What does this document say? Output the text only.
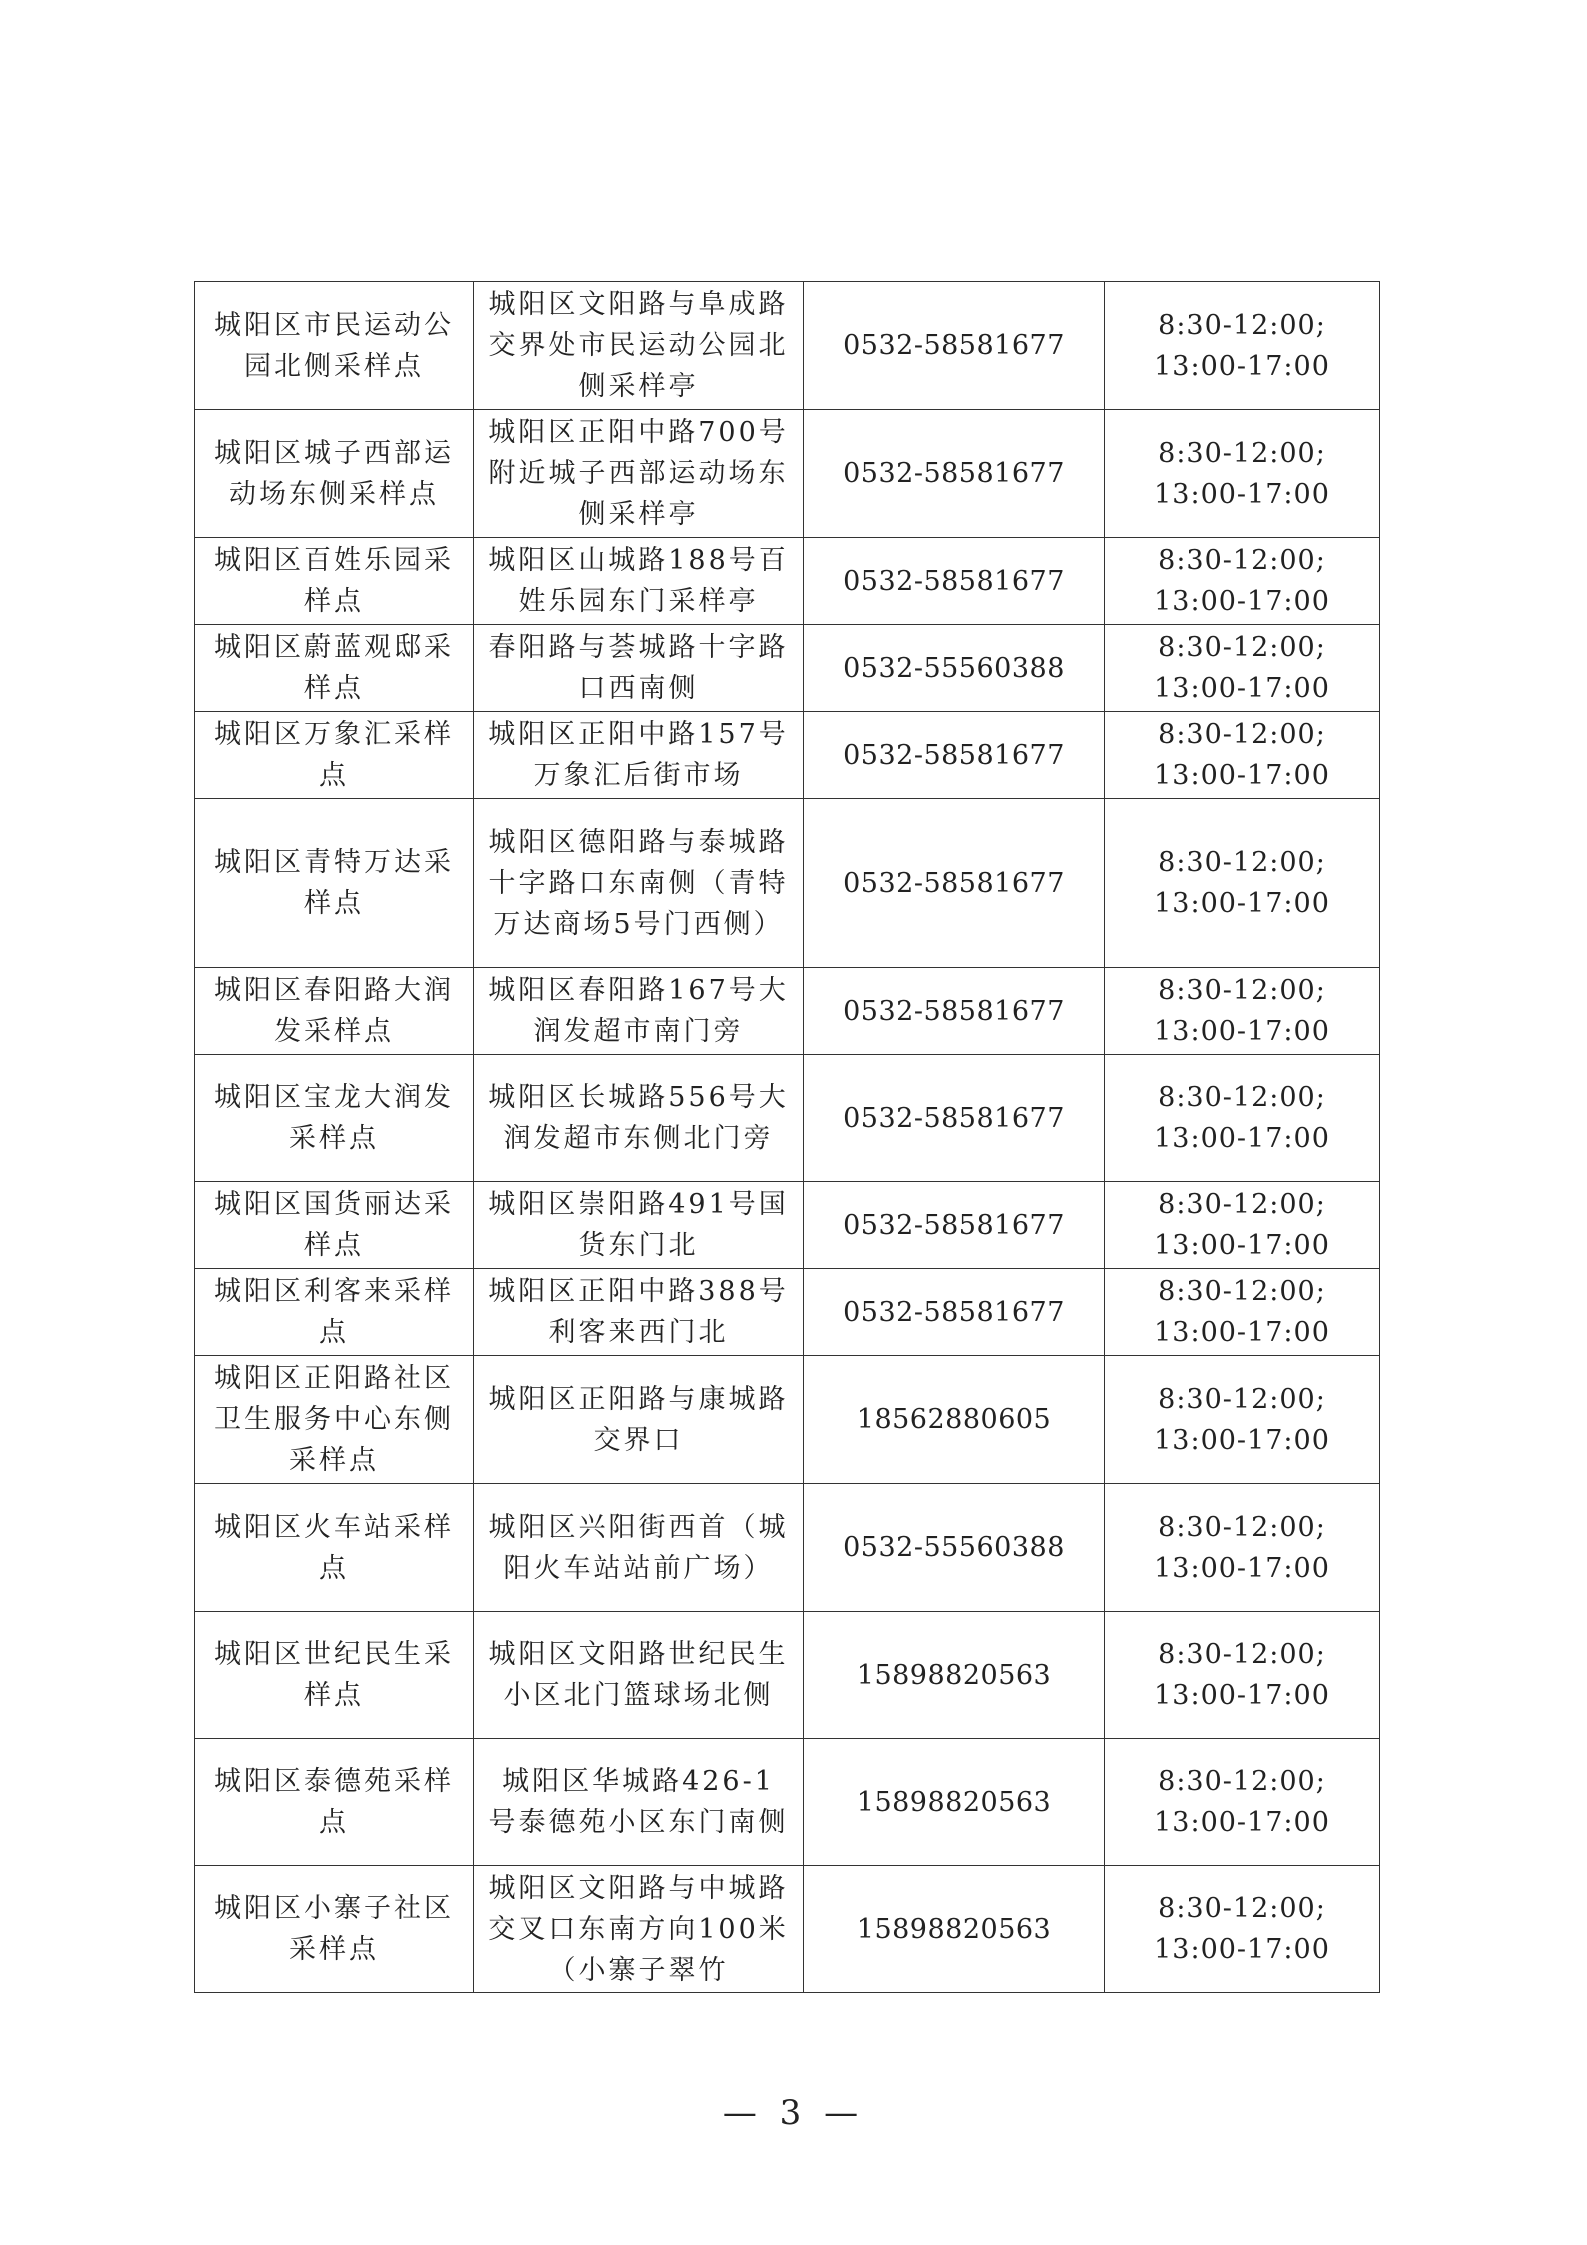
城阳区市民运动公园北侧采样点	城阳区文阳路与阜成路交界处市民运动公园北侧采样亭	0532-58581677	8:30-12:00;
13:00-17:00

城阳区城子西部运动场东侧采样点	城阳区正阳中路700号附近城子西部运动场东侧采样亭	0532-58581677	8:30-12:00;
13:00-17:00

城阳区百姓乐园采样点	城阳区山城路188号百姓乐园东门采样亭	0532-58581677	8:30-12:00;
13:00-17:00

城阳区蔚蓝观邸采样点	春阳路与荟城路十字路口西南侧	0532-55560388	8:30-12:00;
13:00-17:00

城阳区万象汇采样点	城阳区正阳中路157号万象汇后街市场	0532-58581677	8:30-12:00;
13:00-17:00

城阳区青特万达采样点	城阳区德阳路与泰城路十字路口东南侧（青特万达商场5号门西侧）	0532-58581677	8:30-12:00;
13:00-17:00

城阳区春阳路大润发采样点	城阳区春阳路167号大润发超市南门旁	0532-58581677	8:30-12:00;
13:00-17:00

城阳区宝龙大润发采样点	城阳区长城路556号大润发超市东侧北门旁	0532-58581677	8:30-12:00;
13:00-17:00

城阳区国货丽达采样点	城阳区崇阳路491号国货东门北	0532-58581677	8:30-12:00;
13:00-17:00

城阳区利客来采样点	城阳区正阳中路388号利客来西门北	0532-58581677	8:30-12:00;
13:00-17:00

城阳区正阳路社区卫生服务中心东侧采样点	城阳区正阳路与康城路交界口	18562880605	8:30-12:00;
13:00-17:00

城阳区火车站采样点	城阳区兴阳街西首（城阳火车站站前广场）	0532-55560388	8:30-12:00;
13:00-17:00

城阳区世纪民生采样点	城阳区文阳路世纪民生小区北门篮球场北侧	15898820563	8:30-12:00;
13:00-17:00

城阳区泰德苑采样点	城阳区华城路426-1号泰德苑小区东门南侧	15898820563	8:30-12:00;
13:00-17:00

城阳区小寨子社区采样点	城阳区文阳路与中城路交叉口东南方向100米（小寨子翠竹	15898820563	8:30-12:00;
13:00-17:00
— 3 —
